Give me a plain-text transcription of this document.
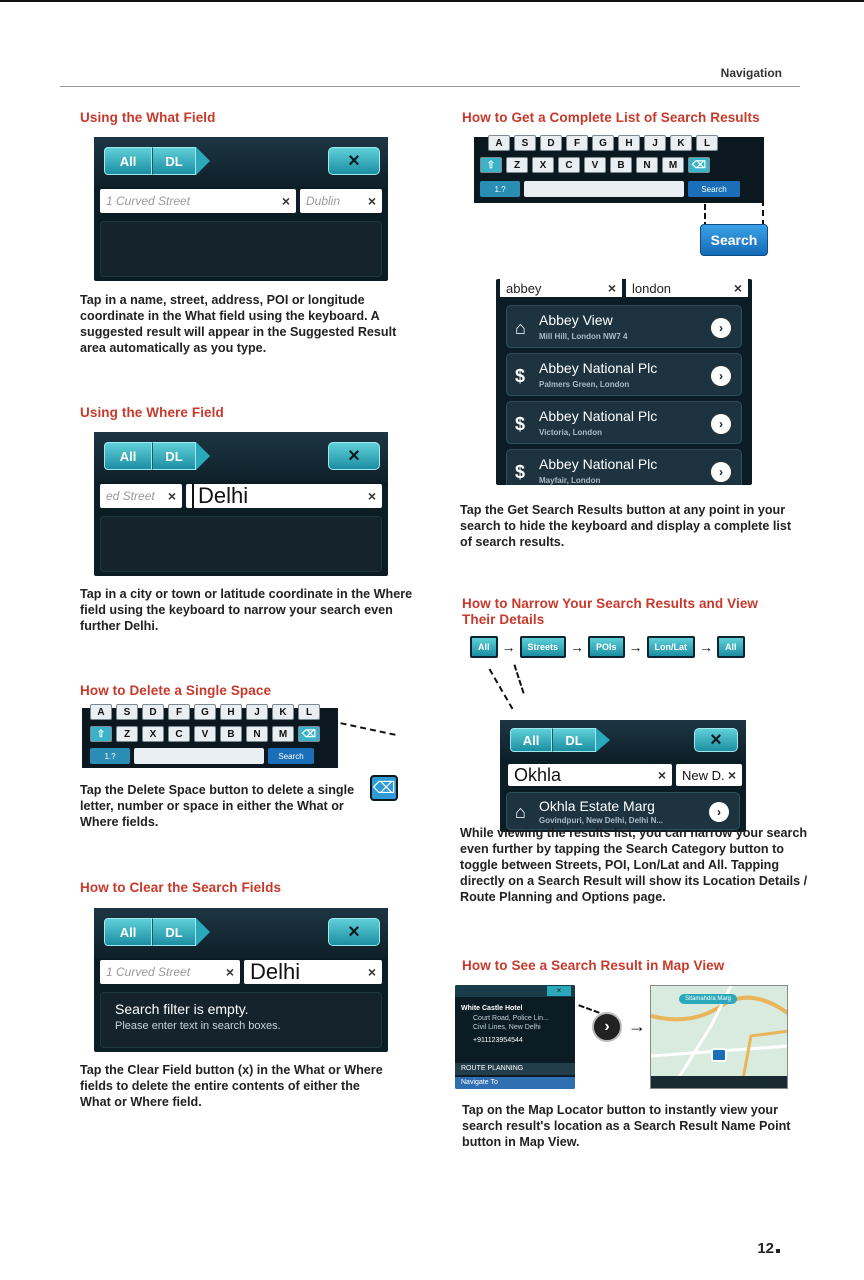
Navigation
Using the What Field
All	DL	×
1 Curved Street	× Dublin ×
Tap in a name, street, address, POI or longitude coordinate in the What field using the keyboard. A suggested result will appear in the Suggested Result area automatically as you type.
Using the Where Field
All	DL	×
ed Street × Delhi	×
Tap in a city or town or latitude coordinate in the Where field using the keyboard to narrow your search even further Delhi.
How to Delete a Single Space
A	S	D	F	G	H	J	K	L
⇧	Z	X	C	V	B	N	M	⌫
1.?	Search
⌫
Tap the Delete Space button to delete a single letter, number or space in either the What or Where fields.
How to Clear the Search Fields
All	DL	×
1 Curved Street	× Delhi	×
Search filter is empty.
Please enter text in search boxes.
Tap the Clear Field button (x) in the What or Where fields to delete the entire contents of either the What or Where field.
How to Get a Complete List of Search Results
A	S	D	F	G	H	J	K	L
⇧	Z	X	C	V	B	N	M	⌫
1.?	Search
Search
abbey	× london	×
⌂ Abbey View
Mill Hill, London NW7 4
›
$ Abbey National Plc
Palmers Green, London
›
$ Abbey National Plc
Victoria, London
›
$ Abbey National Plc
Mayfair, London
›
Tap the Get Search Results button at any point in your search to hide the keyboard and display a complete list of search results.
How to Narrow Your Search Results and View Their Details
All →	Streets →	POIs →	Lon/Lat →	All
All	DL	×
Okhla	× New D. ×
⌂ Okhla Estate Marg
Govindpuri, New Delhi, Delhi N...
›
While viewing the results list, you can narrow your search even further by tapping the Search Category button to toggle between Streets, POI, Lon/Lat and All. Tapping directly on a Search Result will show its Location Details / Route Planning and Options page.
How to See a Search Result in Map View
×
White Castle Hotel
Court Road, Police Lin...
Civil Lines, New Delhi
+911123954544
ROUTE PLANNING
Navigate To
›	→
Sitamahdra Marg
Tap on the Map Locator button to instantly view your search result's location as a Search Result Name Point button in Map View.
12
